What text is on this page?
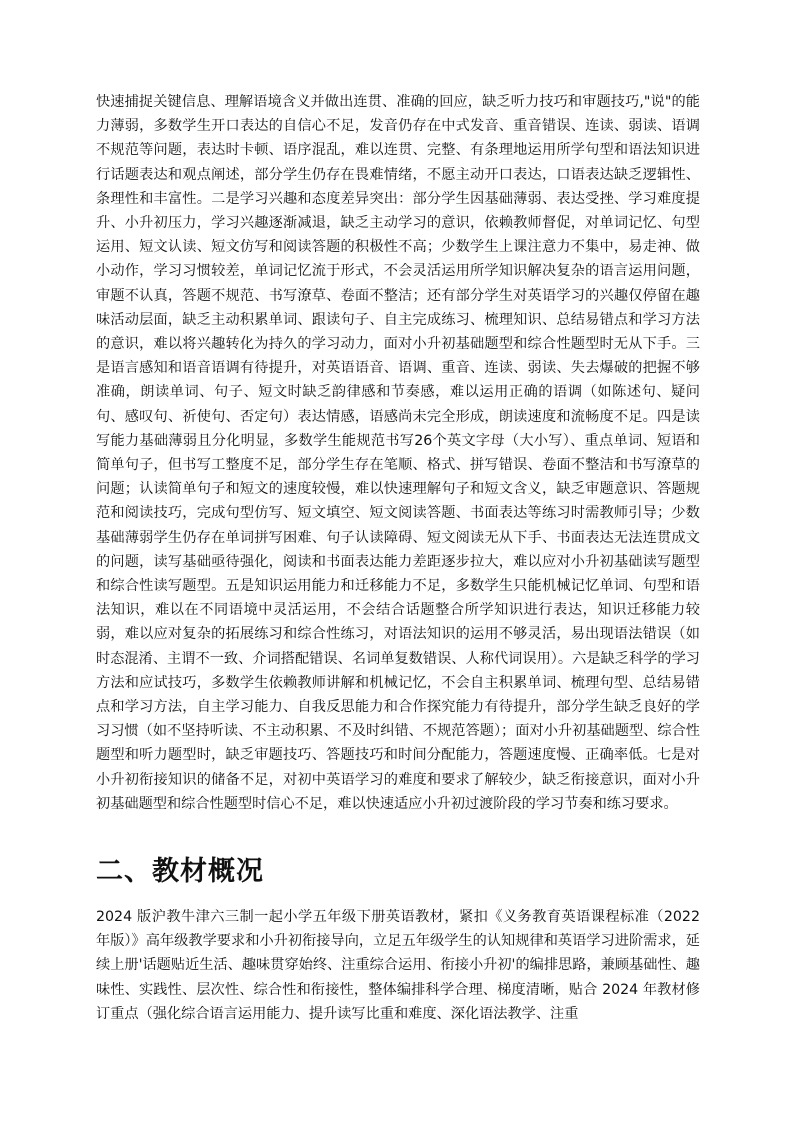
快速捕捉关键信息、理解语境含义并做出连贯、准确的回应，缺乏听力技巧和审题技巧,"说"的能力薄弱，多数学生开口表达的自信心不足，发音仍存在中式发音、重音错误、连读、弱读、语调不规范等问题，表达时卡顿、语序混乱，难以连贯、完整、有条理地运用所学句型和语法知识进行话题表达和观点阐述，部分学生仍存在畏难情绪，不愿主动开口表达，口语表达缺乏逻辑性、条理性和丰富性。二是学习兴趣和态度差异突出：部分学生因基础薄弱、表达受挫、学习难度提升、小升初压力，学习兴趣逐渐减退，缺乏主动学习的意识，依赖教师督促，对单词记忆、句型运用、短文认读、短文仿写和阅读答题的积极性不高；少数学生上课注意力不集中，易走神、做小动作，学习习惯较差，单词记忆流于形式，不会灵活运用所学知识解决复杂的语言运用问题，审题不认真，答题不规范、书写潦草、卷面不整洁；还有部分学生对英语学习的兴趣仅停留在趣味活动层面，缺乏主动积累单词、跟读句子、自主完成练习、梳理知识、总结易错点和学习方法的意识，难以将兴趣转化为持久的学习动力，面对小升初基础题型和综合性题型时无从下手。三是语言感知和语音语调有待提升，对英语语音、语调、重音、连读、弱读、失去爆破的把握不够准确，朗读单词、句子、短文时缺乏韵律感和节奏感，难以运用正确的语调（如陈述句、疑问句、感叹句、祈使句、否定句）表达情感，语感尚未完全形成，朗读速度和流畅度不足。四是读写能力基础薄弱且分化明显，多数学生能规范书写26个英文字母（大小写）、重点单词、短语和简单句子，但书写工整度不足，部分学生存在笔顺、格式、拼写错误、卷面不整洁和书写潦草的问题；认读简单句子和短文的速度较慢，难以快速理解句子和短文含义，缺乏审题意识、答题规范和阅读技巧，完成句型仿写、短文填空、短文阅读答题、书面表达等练习时需教师引导；少数基础薄弱学生仍存在单词拼写困难、句子认读障碍、短文阅读无从下手、书面表达无法连贯成文的问题，读写基础亟待强化，阅读和书面表达能力差距逐步拉大，难以应对小升初基础读写题型和综合性读写题型。五是知识运用能力和迁移能力不足，多数学生只能机械记忆单词、句型和语法知识，难以在不同语境中灵活运用，不会结合话题整合所学知识进行表达，知识迁移能力较弱，难以应对复杂的拓展练习和综合性练习，对语法知识的运用不够灵活，易出现语法错误（如时态混淆、主谓不一致、介词搭配错误、名词单复数错误、人称代词误用）。六是缺乏科学的学习方法和应试技巧，多数学生依赖教师讲解和机械记忆，不会自主积累单词、梳理句型、总结易错点和学习方法，自主学习能力、自我反思能力和合作探究能力有待提升，部分学生缺乏良好的学习习惯（如不坚持听读、不主动积累、不及时纠错、不规范答题）；面对小升初基础题型、综合性题型和听力题型时，缺乏审题技巧、答题技巧和时间分配能力，答题速度慢、正确率低。七是对小升初衔接知识的储备不足，对初中英语学习的难度和要求了解较少，缺乏衔接意识，面对小升初基础题型和综合性题型时信心不足，难以快速适应小升初过渡阶段的学习节奏和练习要求。

二、教材概况

2024 版沪教牛津六三制一起小学五年级下册英语教材，紧扣《义务教育英语课程标准（2022 年版）》高年级教学要求和小升初衔接导向，立足五年级学生的认知规律和英语学习进阶需求，延续上册'话题贴近生活、趣味贯穿始终、注重综合运用、衔接小升初'的编排思路，兼顾基础性、趣味性、实践性、层次性、综合性和衔接性，整体编排科学合理、梯度清晰，贴合 2024 年教材修订重点（强化综合语言运用能力、提升读写比重和难度、深化语法教学、注重
